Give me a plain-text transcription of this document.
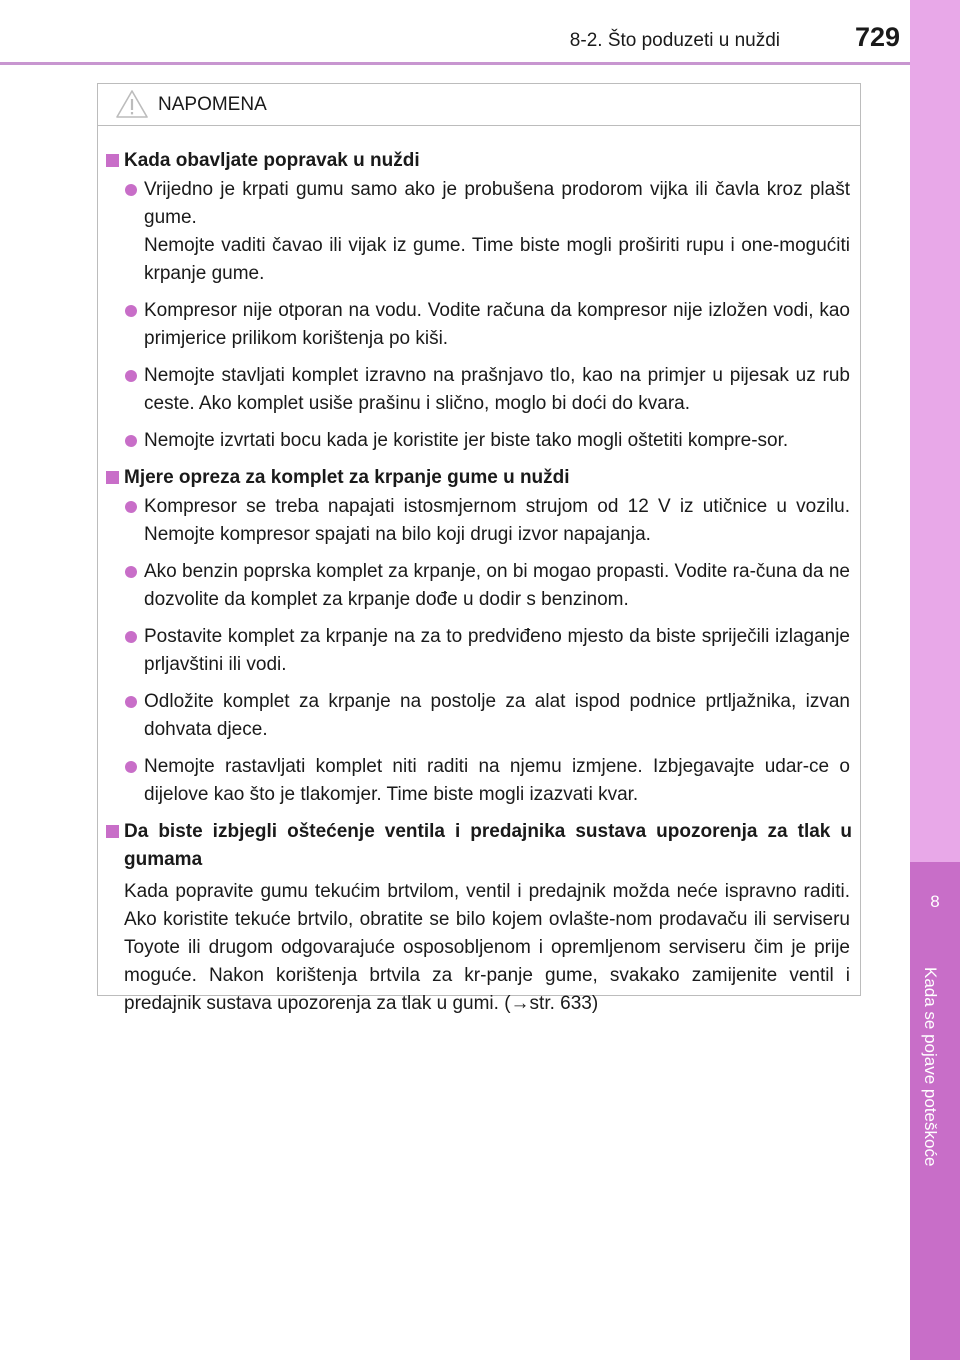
8-2. Što poduzeti u nuždi	729
8
Kada se pojave poteškoće
NAPOMENA
Kada obavljate popravak u nuždi
Vrijedno je krpati gumu samo ako je probušena prodorom vijka ili čavla kroz plašt gume.
Nemojte vaditi čavao ili vijak iz gume. Time biste mogli proširiti rupu i one-mogućiti krpanje gume.
Kompresor nije otporan na vodu. Vodite računa da kompresor nije izložen vodi, kao primjerice prilikom korištenja po kiši.
Nemojte stavljati komplet izravno na prašnjavo tlo, kao na primjer u pijesak uz rub ceste. Ako komplet usiše prašinu i slično, moglo bi doći do kvara.
Nemojte izvrtati bocu kada je koristite jer biste tako mogli oštetiti kompre-sor.
Mjere opreza za komplet za krpanje gume u nuždi
Kompresor se treba napajati istosmjernom strujom od 12 V iz utičnice u vozilu. Nemojte kompresor spajati na bilo koji drugi izvor napajanja.
Ako benzin poprska komplet za krpanje, on bi mogao propasti. Vodite ra-čuna da ne dozvolite da komplet za krpanje dođe u dodir s benzinom.
Postavite komplet za krpanje na za to predviđeno mjesto da biste spriječili izlaganje prljavštini ili vodi.
Odložite komplet za krpanje na postolje za alat ispod podnice prtljažnika, izvan dohvata djece.
Nemojte rastavljati komplet niti raditi na njemu izmjene. Izbjegavajte udar-ce o dijelove kao što je tlakomjer. Time biste mogli izazvati kvar.
Da biste izbjegli oštećenje ventila i predajnika sustava upozorenja za tlak u gumama
Kada popravite gumu tekućim brtvilom, ventil i predajnik možda neće ispravno raditi. Ako koristite tekuće brtvilo, obratite se bilo kojem ovlašte-nom prodavaču ili serviseru Toyote ili drugom odgovarajuće osposobljenom i opremljenom serviseru čim je prije moguće. Nakon korištenja brtvila za kr-panje gume, svakako zamijenite ventil i predajnik sustava upozorenja za tlak u gumi. (→str. 633)
